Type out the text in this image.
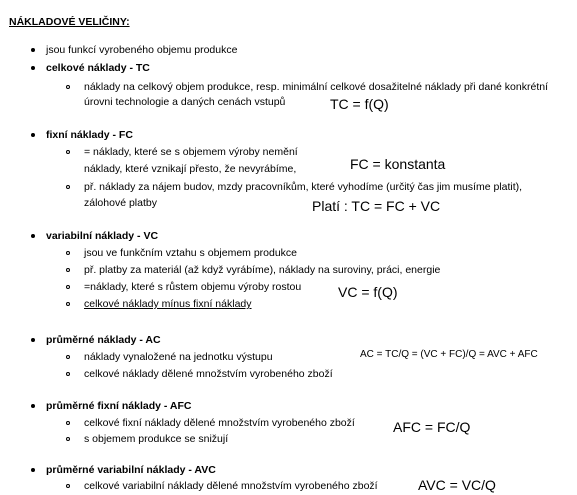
NÁKLADOVÉ VELIČINY:
jsou funkcí vyrobeného objemu produkce
celkové náklady - TC
náklady na celkový objem produkce, resp. minimální celkové dosažitelné náklady při dané konkrétní
úrovni technologie a daných cenách vstupů	TC = f(Q)
fixní náklady - FC
= náklady, které se s objemem výroby nemění
náklady, které vznikají přesto, že nevyrábíme,	FC = konstanta
př. náklady za nájem budov, mzdy pracovníkům, které vyhodíme (určitý čas jim musíme platit),
zálohové platby	Platí : TC = FC + VC
variabilní náklady - VC
jsou ve funkčním vztahu s objemem produkce
př. platby za materiál (až když vyrábíme), náklady na suroviny, práci, energie
=náklady, které s růstem objemu výroby rostou	VC = f(Q)
celkové náklady mínus fixní náklady
průměrné náklady - AC
náklady vynaložené na jednotku výstupu	AC = TC/Q = (VC + FC)/Q = AVC + AFC
celkové náklady dělené množstvím vyrobeného zboží
průměrné fixní náklady - AFC
celkové fixní náklady dělené množstvím vyrobeného zboží	AFC = FC/Q
s objemem produkce se snižují
průměrné variabilní náklady - AVC
celkové variabilní náklady dělené množstvím vyrobeného zboží	AVC = VC/Q
